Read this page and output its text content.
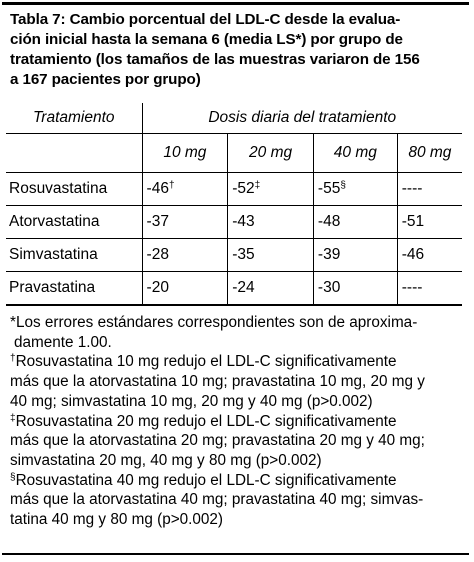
Tabla 7: Cambio porcentual del LDL-C desde la evalua-
ción inicial hasta la semana 6 (media LS*) por grupo de
tratamiento (los tamaños de las muestras variaron de 156
a 167 pacientes por grupo)
Tratamiento	Dosis diaria del tratamiento			
	10 mg	20 mg	40 mg	80 mg
Rosuvastatina	-46†	-52‡	-55§	----
Atorvastatina	-37	-43	-48	-51
Simvastatina	-28	-35	-39	-46
Pravastatina	-20	-24	-30	----
*Los errores estándares correspondientes son de aproxima-
damente 1.00.
†Rosuvastatina 10 mg redujo el LDL-C significativamente
más que la atorvastatina 10 mg; pravastatina 10 mg, 20 mg y
40 mg; simvastatina 10 mg, 20 mg y 40 mg (p>0.002)
‡Rosuvastatina 20 mg redujo el LDL-C significativamente
más que la atorvastatina 20 mg; pravastatina 20 mg y 40 mg;
simvastatina 20 mg, 40 mg y 80 mg (p>0.002)
§Rosuvastatina 40 mg redujo el LDL-C significativamente
más que la atorvastatina 40 mg; pravastatina 40 mg; simvas-
tatina 40 mg y 80 mg (p>0.002)
